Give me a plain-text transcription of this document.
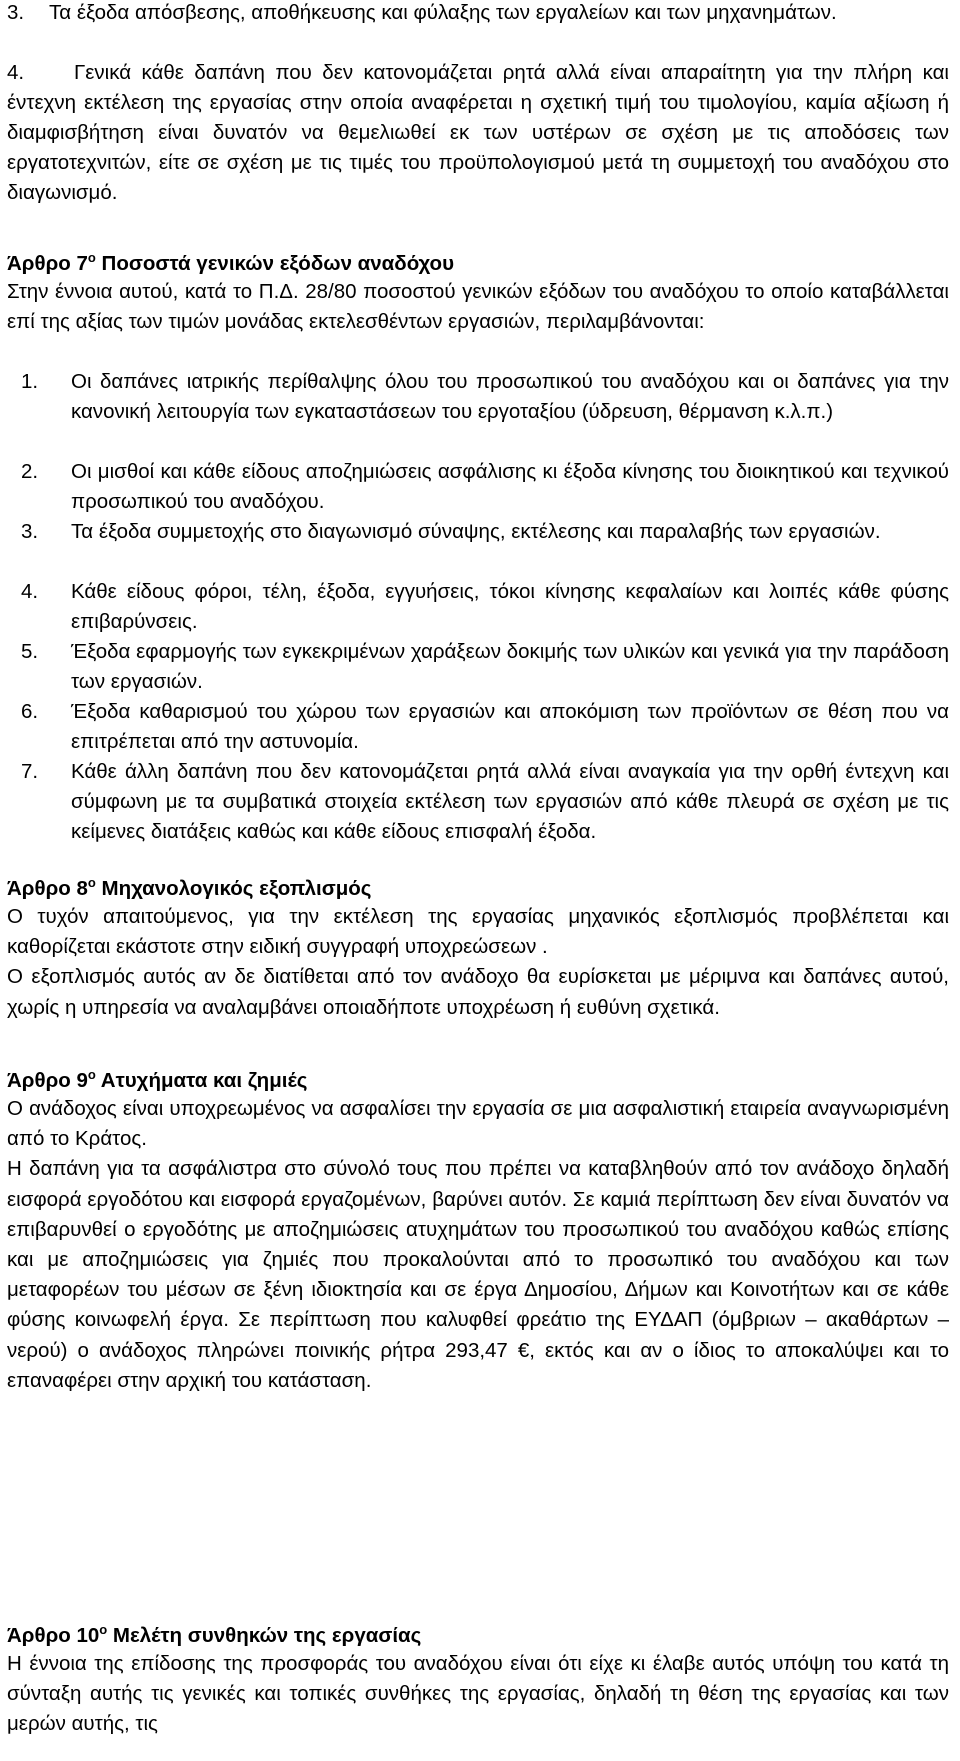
3.	Τα έξοδα απόσβεσης, αποθήκευσης και φύλαξης των εργαλείων και των μηχανημάτων.
4.	Γενικά κάθε δαπάνη που δεν κατονομάζεται ρητά αλλά είναι απαραίτητη για την πλήρη και έντεχνη εκτέλεση της εργασίας στην οποία αναφέρεται η σχετική τιμή του τιμολογίου, καμία αξίωση ή διαμφισβήτηση είναι δυνατόν να θεμελιωθεί εκ των υστέρων σε σχέση με τις αποδόσεις των εργατοτεχνιτών, είτε σε σχέση με τις τιμές του προϋπολογισμού μετά τη συμμετοχή του αναδόχου στο διαγωνισμό.
Άρθρο $7^o$ Ποσοστά γενικών εξόδων αναδόχου
Στην έννοια αυτού, κατά το Π.Δ. 28/80 ποσοστού γενικών εξόδων του αναδόχου το οποίο καταβάλλεται επί της αξίας των τιμών μονάδας εκτελεσθέντων εργασιών, περιλαμβάνονται:
1.	Οι δαπάνες ιατρικής περίθαλψης όλου του προσωπικού του αναδόχου και οι δαπάνες για την κανονική λειτουργία των εγκαταστάσεων του εργοταξίου (ύδρευση, θέρμανση κ.λ.π.)
2.	Οι μισθοί και κάθε είδους αποζημιώσεις ασφάλισης κι έξοδα κίνησης του διοικητικού και τεχνικού προσωπικού του αναδόχου.
3.	Τα έξοδα συμμετοχής στο διαγωνισμό σύναψης, εκτέλεσης και παραλαβής των εργασιών.
4.	Κάθε είδους φόροι, τέλη, έξοδα, εγγυήσεις, τόκοι κίνησης κεφαλαίων και λοιπές κάθε φύσης επιβαρύνσεις.
5.	Έξοδα εφαρμογής των εγκεκριμένων χαράξεων δοκιμής των υλικών και γενικά για την παράδοση των εργασιών.
6.	Έξοδα καθαρισμού του χώρου των εργασιών και αποκόμιση των προϊόντων σε θέση που να επιτρέπεται από την αστυνομία.
7.	Κάθε άλλη δαπάνη που δεν κατονομάζεται ρητά αλλά είναι αναγκαία για την ορθή έντεχνη και σύμφωνη με τα συμβατικά στοιχεία εκτέλεση των εργασιών από κάθε πλευρά σε σχέση με τις κείμενες διατάξεις καθώς και κάθε είδους επισφαλή έξοδα.
Άρθρο $8^o$ Μηχανολογικός εξοπλισμός

Ο τυχόν απαιτούμενος, για την εκτέλεση της εργασίας μηχανικός εξοπλισμός προβλέπεται και καθορίζεται εκάστοτε στην ειδική συγγραφή υποχρεώσεων .

Ο εξοπλισμός αυτός αν δε διατίθεται από τον ανάδοχο θα ευρίσκεται με μέριμνα και δαπάνες αυτού, χωρίς η υπηρεσία να αναλαμβάνει οποιαδήποτε υποχρέωση ή ευθύνη σχετικά.

Άρθρο $9^o$ Ατυχήματα και ζημιές

Ο ανάδοχος είναι υποχρεωμένος να ασφαλίσει την εργασία σε μια ασφαλιστική εταιρεία αναγνωρισμένη από το Κράτος.

Η δαπάνη για τα ασφάλιστρα στο σύνολό τους που πρέπει να καταβληθούν από τον ανάδοχο δηλαδή εισφορά εργοδότου και εισφορά εργαζομένων, βαρύνει αυτόν. Σε καμιά περίπτωση δεν είναι δυνατόν να επιβαρυνθεί ο εργοδότης με αποζημιώσεις ατυχημάτων του προσωπικού του αναδόχου καθώς επίσης και με αποζημιώσεις για ζημιές που προκαλούνται από το προσωπικό του αναδόχου και των μεταφορέων του μέσων σε ξένη ιδιοκτησία και σε έργα Δημοσίου, Δήμων και Κοινοτήτων και σε κάθε φύσης κοινωφελή έργα. Σε περίπτωση που καλυφθεί φρεάτιο της ΕΥΔΑΠ (όμβριων – ακαθάρτων – νερού) ο ανάδοχος πληρώνει ποινικής ρήτρα 293,47 €, εκτός και αν ο ίδιος το αποκαλύψει και το επαναφέρει στην αρχική του κατάσταση.

Άρθρο $10^o$ Μελέτη συνθηκών της εργασίας

Η έννοια της επίδοσης της προσφοράς του αναδόχου είναι ότι είχε κι έλαβε αυτός υπόψη του κατά τη σύνταξη αυτής τις γενικές και τοπικές συνθήκες της εργασίας, δηλαδή τη θέση της εργασίας και των μερών αυτής, τις
